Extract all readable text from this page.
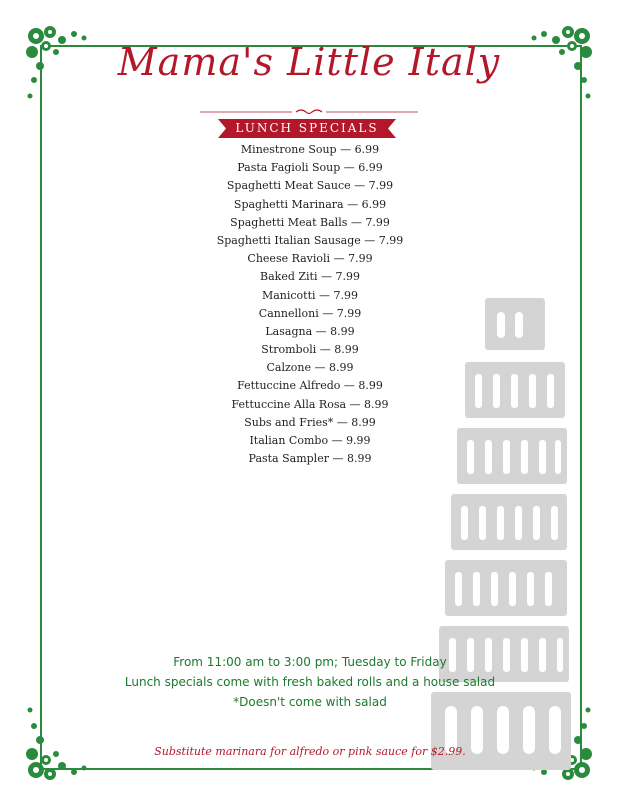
Mama's Little Italy
LUNCH SPECIALS
Minestrone Soup — 6.99
Pasta Fagioli Soup — 6.99
Spaghetti Meat Sauce — 7.99
Spaghetti Marinara — 6.99
Spaghetti Meat Balls — 7.99
Spaghetti Italian Sausage — 7.99
Cheese Ravioli — 7.99
Baked Ziti — 7.99
Manicotti — 7.99
Cannelloni — 7.99
Lasagna — 8.99
Stromboli — 8.99
Calzone — 8.99
Fettuccine Alfredo — 8.99
Fettuccine Alla Rosa — 8.99
Subs and Fries* — 8.99
Italian Combo — 9.99
Pasta Sampler — 8.99
From 11:00 am to 3:00 pm; Tuesday to Friday
Lunch specials come with fresh baked rolls and a house salad
*Doesn't come with salad
Substitute marinara for alfredo or pink sauce for $2.99.
